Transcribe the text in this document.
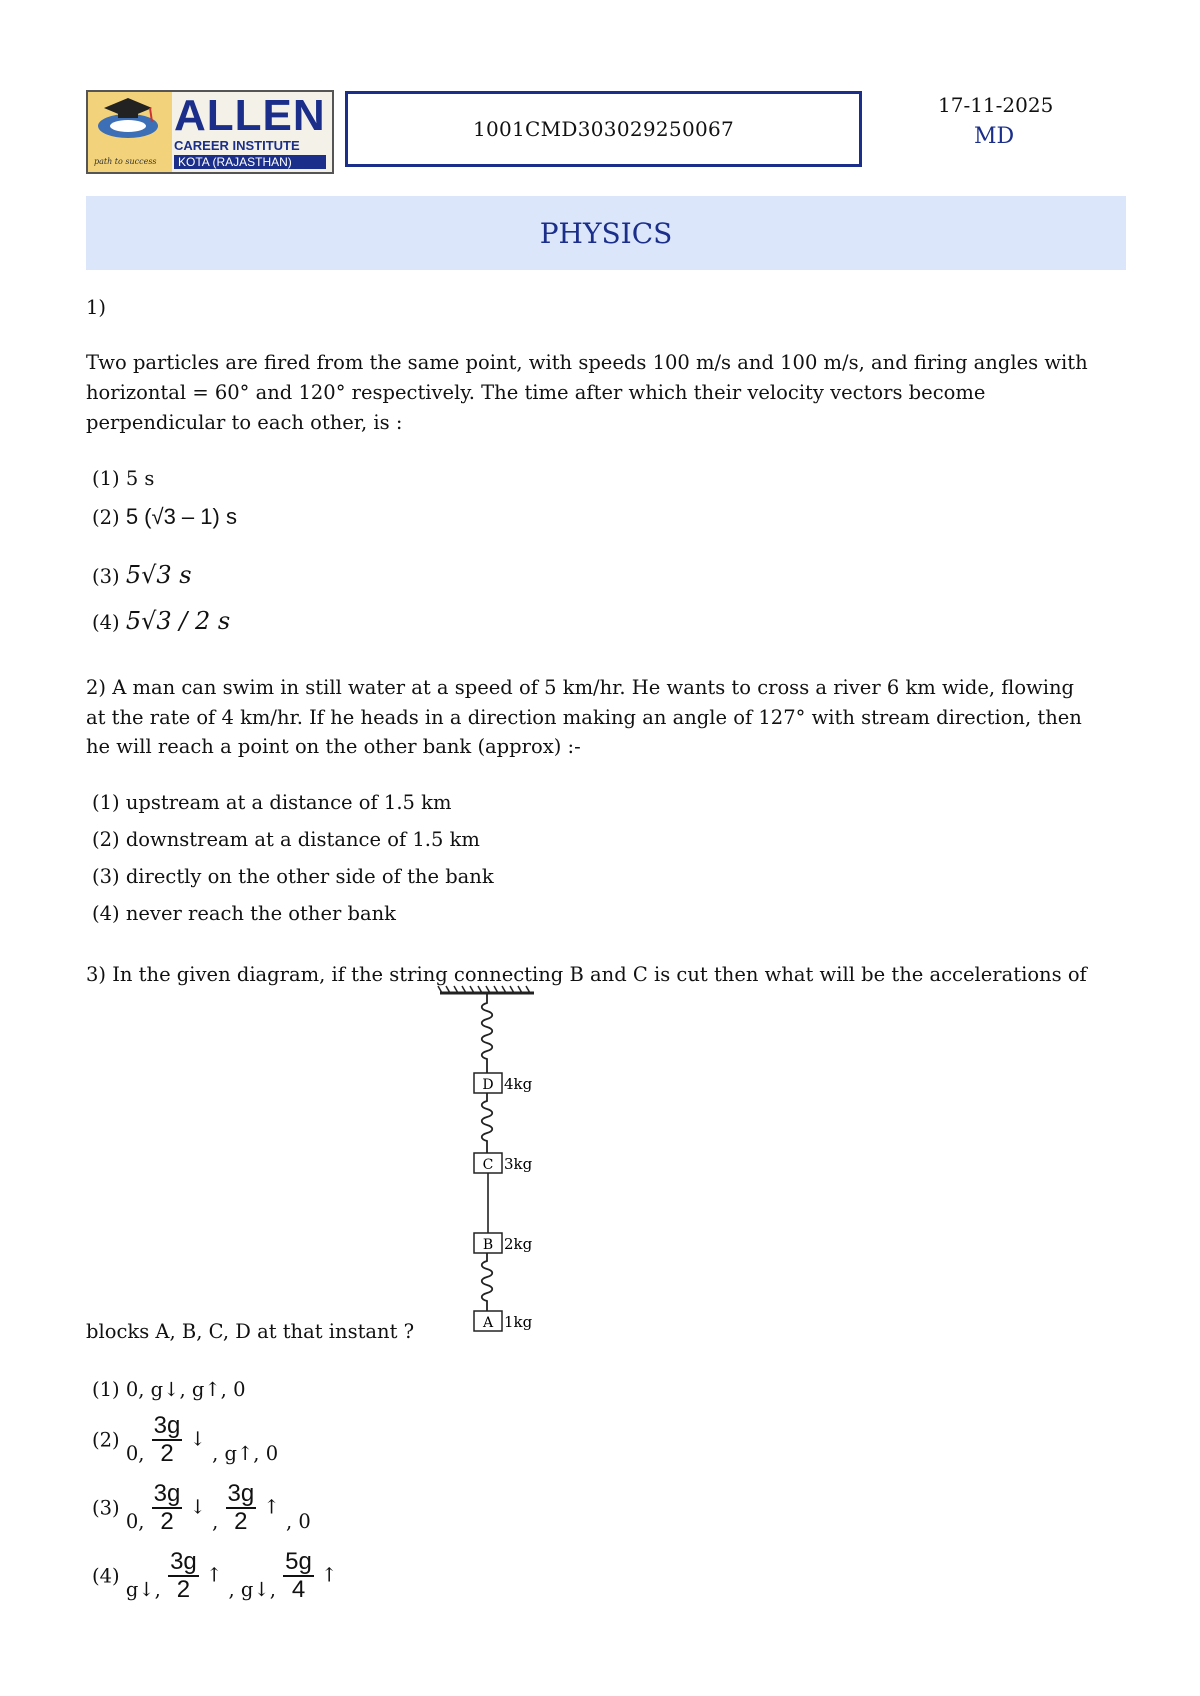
path to success
ALLEN
CAREER INSTITUTE
KOTA (RAJASTHAN)
1001CMD303029250067
17-11-2025
MD
PHYSICS
1)
Two particles are fired from the same point, with speeds 100 m/s and 100 m/s, and firing angles with
horizontal = 60° and 120° respectively. The time after which their velocity vectors become
perpendicular to each other, is :
(1) 5 s
(2) 5 (√3 – 1) s
(3) 5√3 s
(4) 5√3 / 2 s
2) A man can swim in still water at a speed of 5 km/hr. He wants to cross a river 6 km wide, flowing
at the rate of 4 km/hr. If he heads in a direction making an angle of 127° with stream direction, then
he will reach a point on the other bank (approx) :-
(1) upstream at a distance of 1.5 km
(2) downstream at a distance of 1.5 km
(3) directly on the other side of the bank
(4) never reach the other bank
3) In the given diagram, if the string connecting B and C is cut then what will be the accelerations of
D 4kg
C 3kg
B 2kg
A 1kg
blocks A, B, C, D at that instant ?
(1) 0, g↓, g↑, 0
(2) 0, $\frac{3g}{2}$ ↓ , g↑, 0
(3) 0, $\frac{3g}{2}$ ↓ , $\frac{3g}{2}$ ↑ , 0
(4) g↓, $\frac{3g}{2}$ ↑ , g↓, $\frac{5g}{4}$ ↑
